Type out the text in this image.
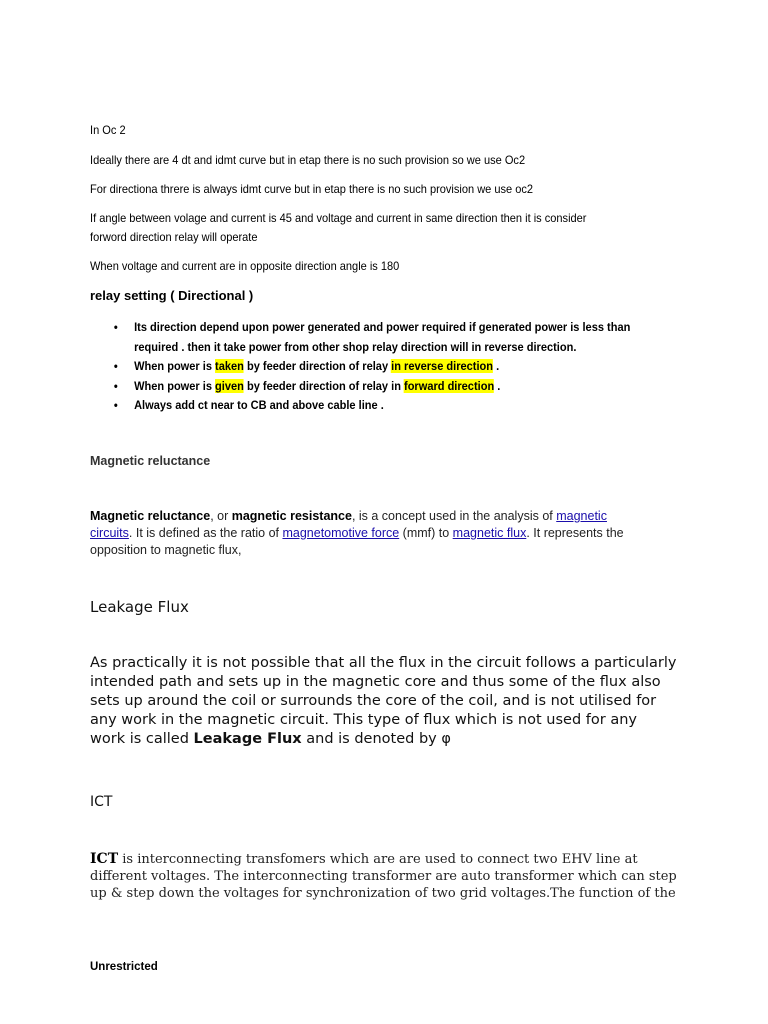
In Oc 2
Ideally there are 4 dt and idmt curve but in etap there is no such provision so we use Oc2
For directiona threre is always idmt curve but in etap there is no such provision we use oc2
If angle between volage and current is 45 and voltage and current in same direction then it is consider
forword direction relay will operate
When voltage and current are in opposite direction angle is 180
relay setting ( Directional )
• Its direction depend upon power generated and power required if generated power is less than
required . then it take power from other shop relay direction will in reverse direction.
• When power is taken by feeder direction of relay in reverse direction .
• When power is given by feeder direction of relay in forward direction .
• Always add ct near to CB and above cable line .
Magnetic reluctance
Magnetic reluctance, or magnetic resistance, is a concept used in the analysis of magnetic
circuits. It is defined as the ratio of magnetomotive force (mmf) to magnetic flux. It represents the
opposition to magnetic flux,
Leakage Flux
As practically it is not possible that all the flux in the circuit follows a particularly
intended path and sets up in the magnetic core and thus some of the flux also
sets up around the coil or surrounds the core of the coil, and is not utilised for
any work in the magnetic circuit. This type of flux which is not used for any
work is called Leakage Flux and is denoted by φ
ICT
ICT is interconnecting transfomers which are are used to connect two EHV line at
different voltages. The interconnecting transformer are auto transformer which can step
up & step down the voltages for synchronization of two grid voltages.The function of the
Unrestricted
